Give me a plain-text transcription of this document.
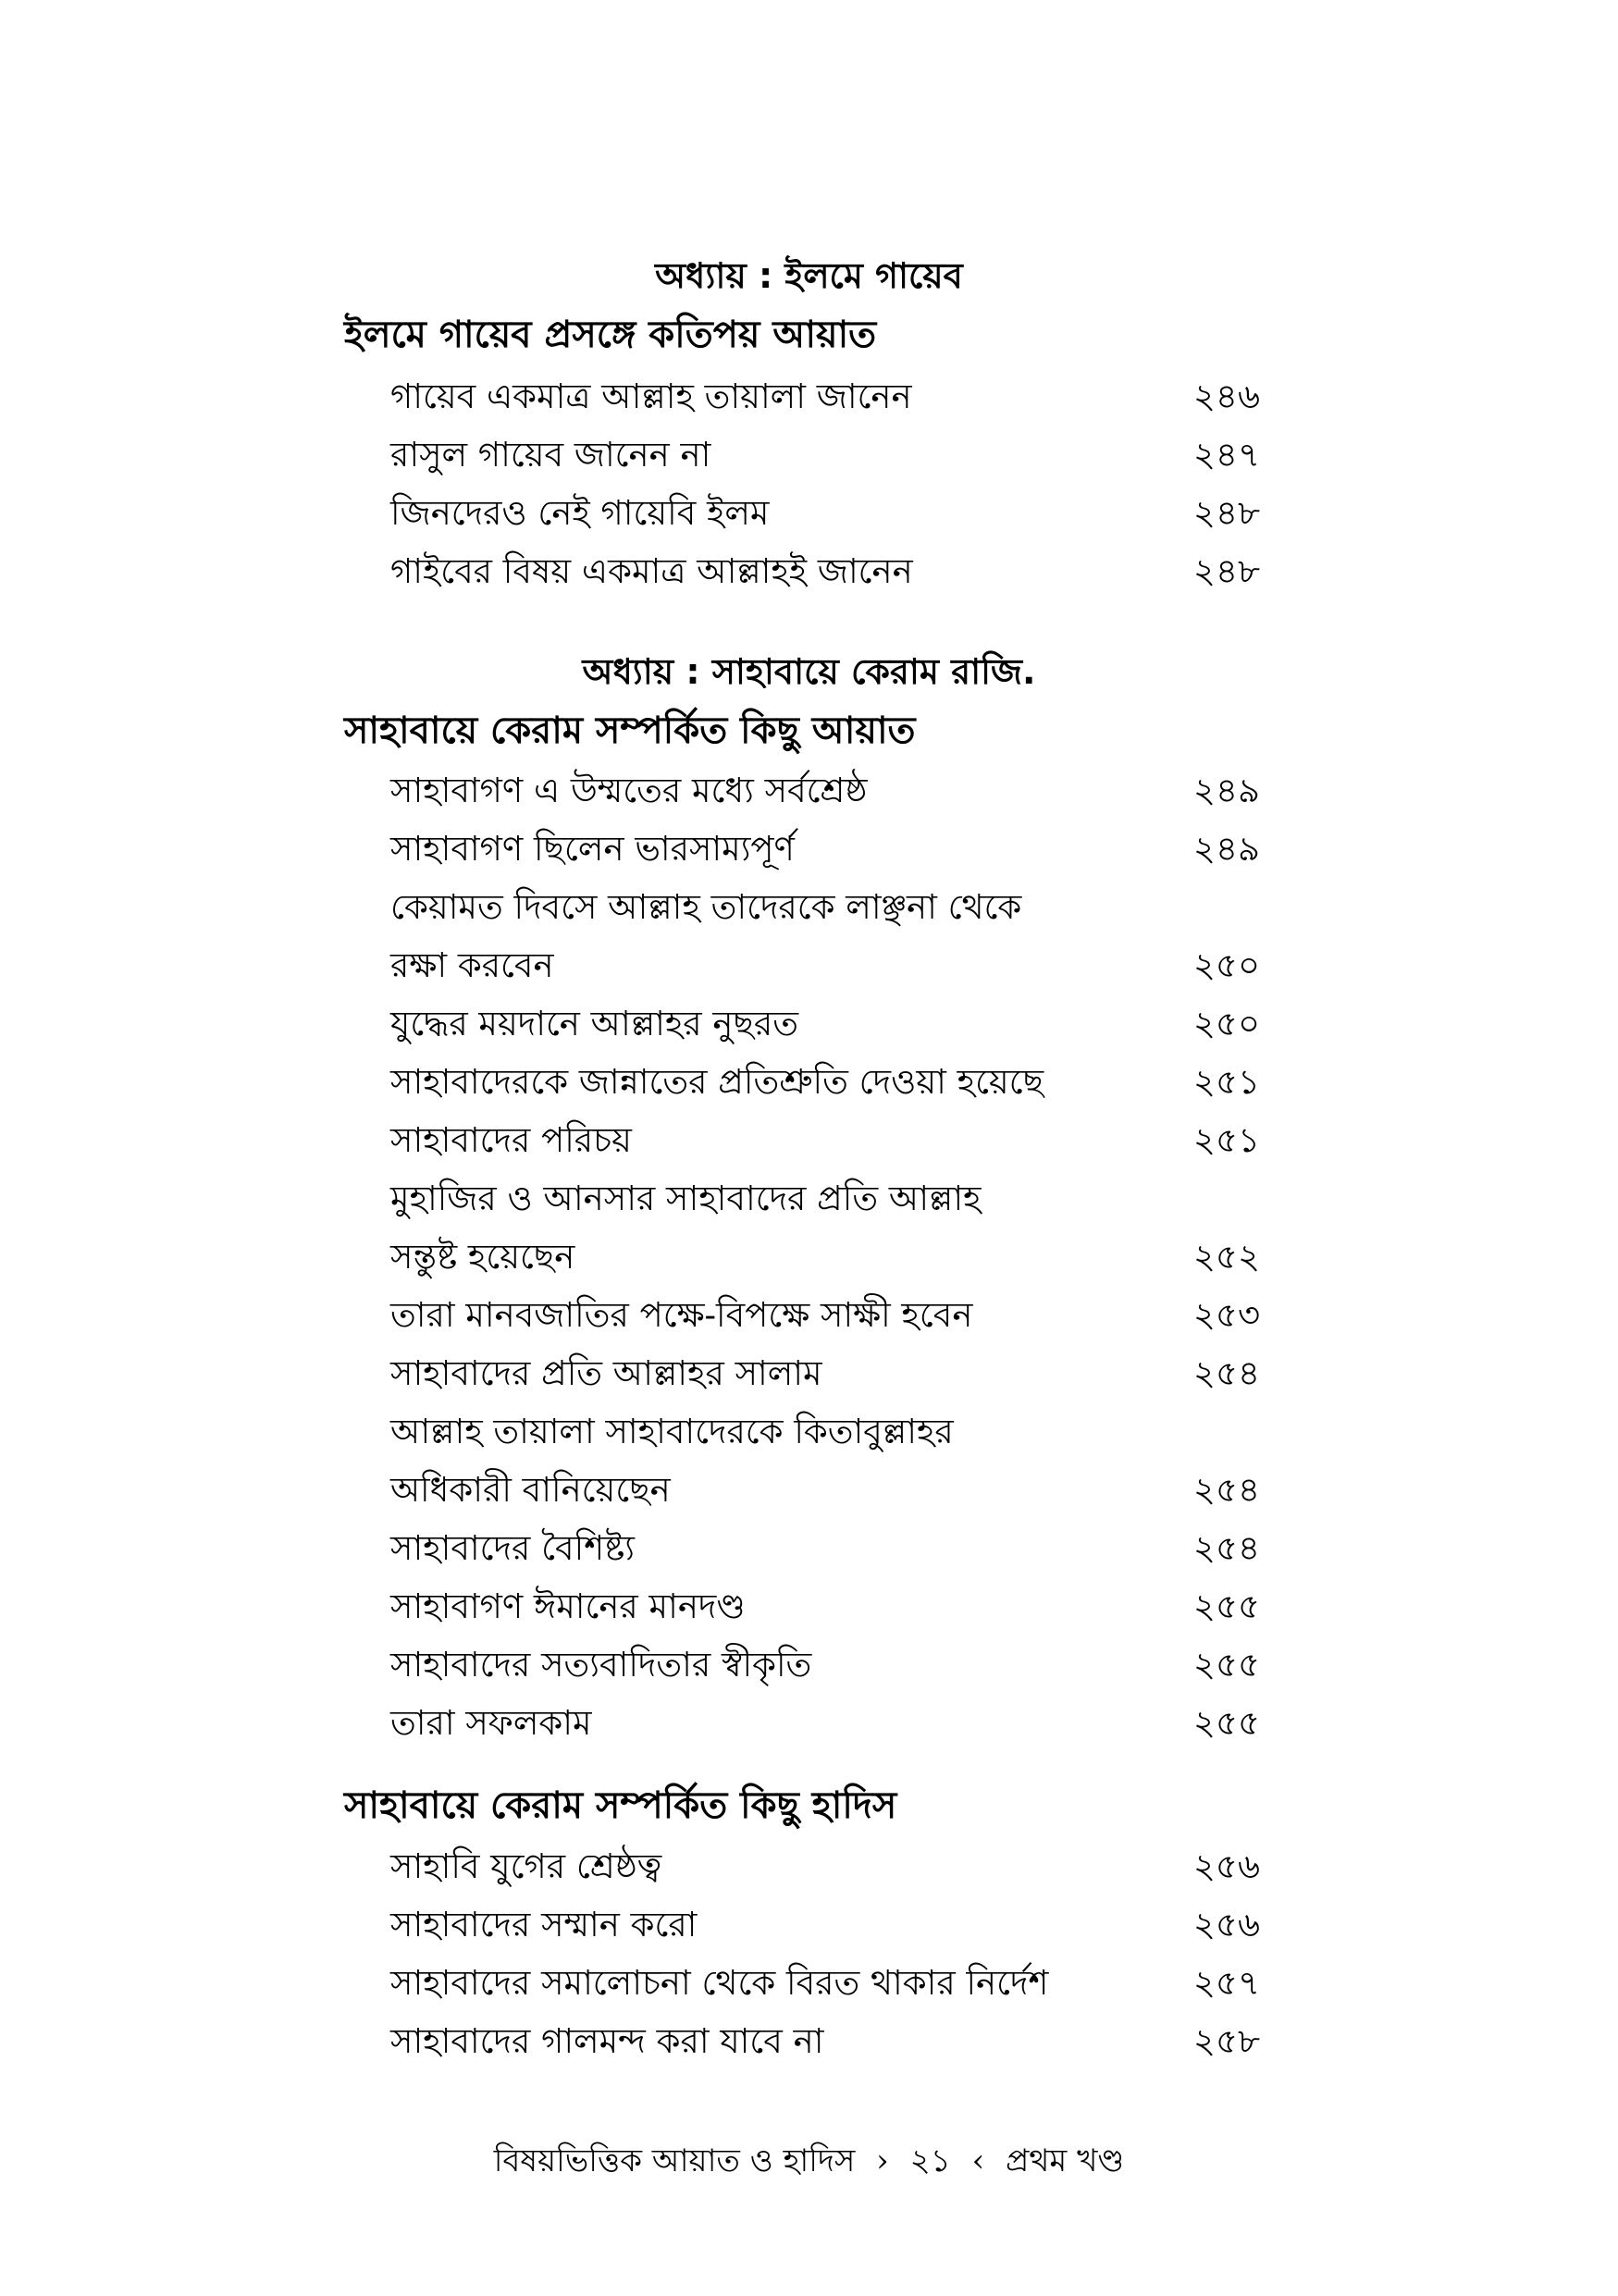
অধ্যায় : ইলমে গায়েব
ইলমে গায়েব প্রসঙ্গে কতিপয় আয়াত
গায়েব একমাত্র আল্লাহ তায়ালা জানেন	২৪৬
রাসুল গায়েব জানেন না	২৪৭
জিনদেরও নেই গায়েবি ইলম	২৪৮
গাইবের বিষয় একমাত্র আল্লাহই জানেন	২৪৮
অধ্যায় : সাহাবায়ে কেরাম রাজি.
সাহাবায়ে কেরাম সম্পর্কিত কিছু আয়াত
সাহাবাগণ এ উম্মতের মধ্যে সর্বশ্রেষ্ঠ	২৪৯
সাহাবাগণ ছিলেন ভারসাম্যপূর্ণ	২৪৯
কেয়ামত দিবসে আল্লাহ তাদেরকে লাঞ্ছনা থেকে
রক্ষা করবেন	২৫০
যুদ্ধের ময়দানে আল্লাহর নুছরত	২৫০
সাহাবাদেরকে জান্নাতের প্রতিশ্রুতি দেওয়া হয়েছে	২৫১
সাহাবাদের পরিচয়	২৫১
মুহাজির ও আনসার সাহাবাদের প্রতি আল্লাহ
সন্তুষ্ট হয়েছেন	২৫২
তারা মানবজাতির পক্ষে-বিপক্ষে সাক্ষী হবেন	২৫৩
সাহাবাদের প্রতি আল্লাহর সালাম	২৫৪
আল্লাহ তায়ালা সাহাবাদেরকে কিতাবুল্লাহর
অধিকারী বানিয়েছেন	২৫৪
সাহাবাদের বৈশিষ্ট্য	২৫৪
সাহাবাগণ ঈমানের মানদণ্ড	২৫৫
সাহাবাদের সত্যবাদিতার স্বীকৃতি	২৫৫
তারা সফলকাম	২৫৫
সাহাবায়ে কেরাম সম্পর্কিত কিছু হাদিস
সাহাবি যুগের শ্রেষ্ঠত্ব	২৫৬
সাহাবাদের সম্মান করো	২৫৬
সাহাবাদের সমালোচনা থেকে বিরত থাকার নির্দেশ	২৫৭
সাহাবাদের গালমন্দ করা যাবে না	২৫৮
বিষয়ভিত্তিক আয়াত ও হাদিস › ২১ ‹ প্রথম খণ্ড
